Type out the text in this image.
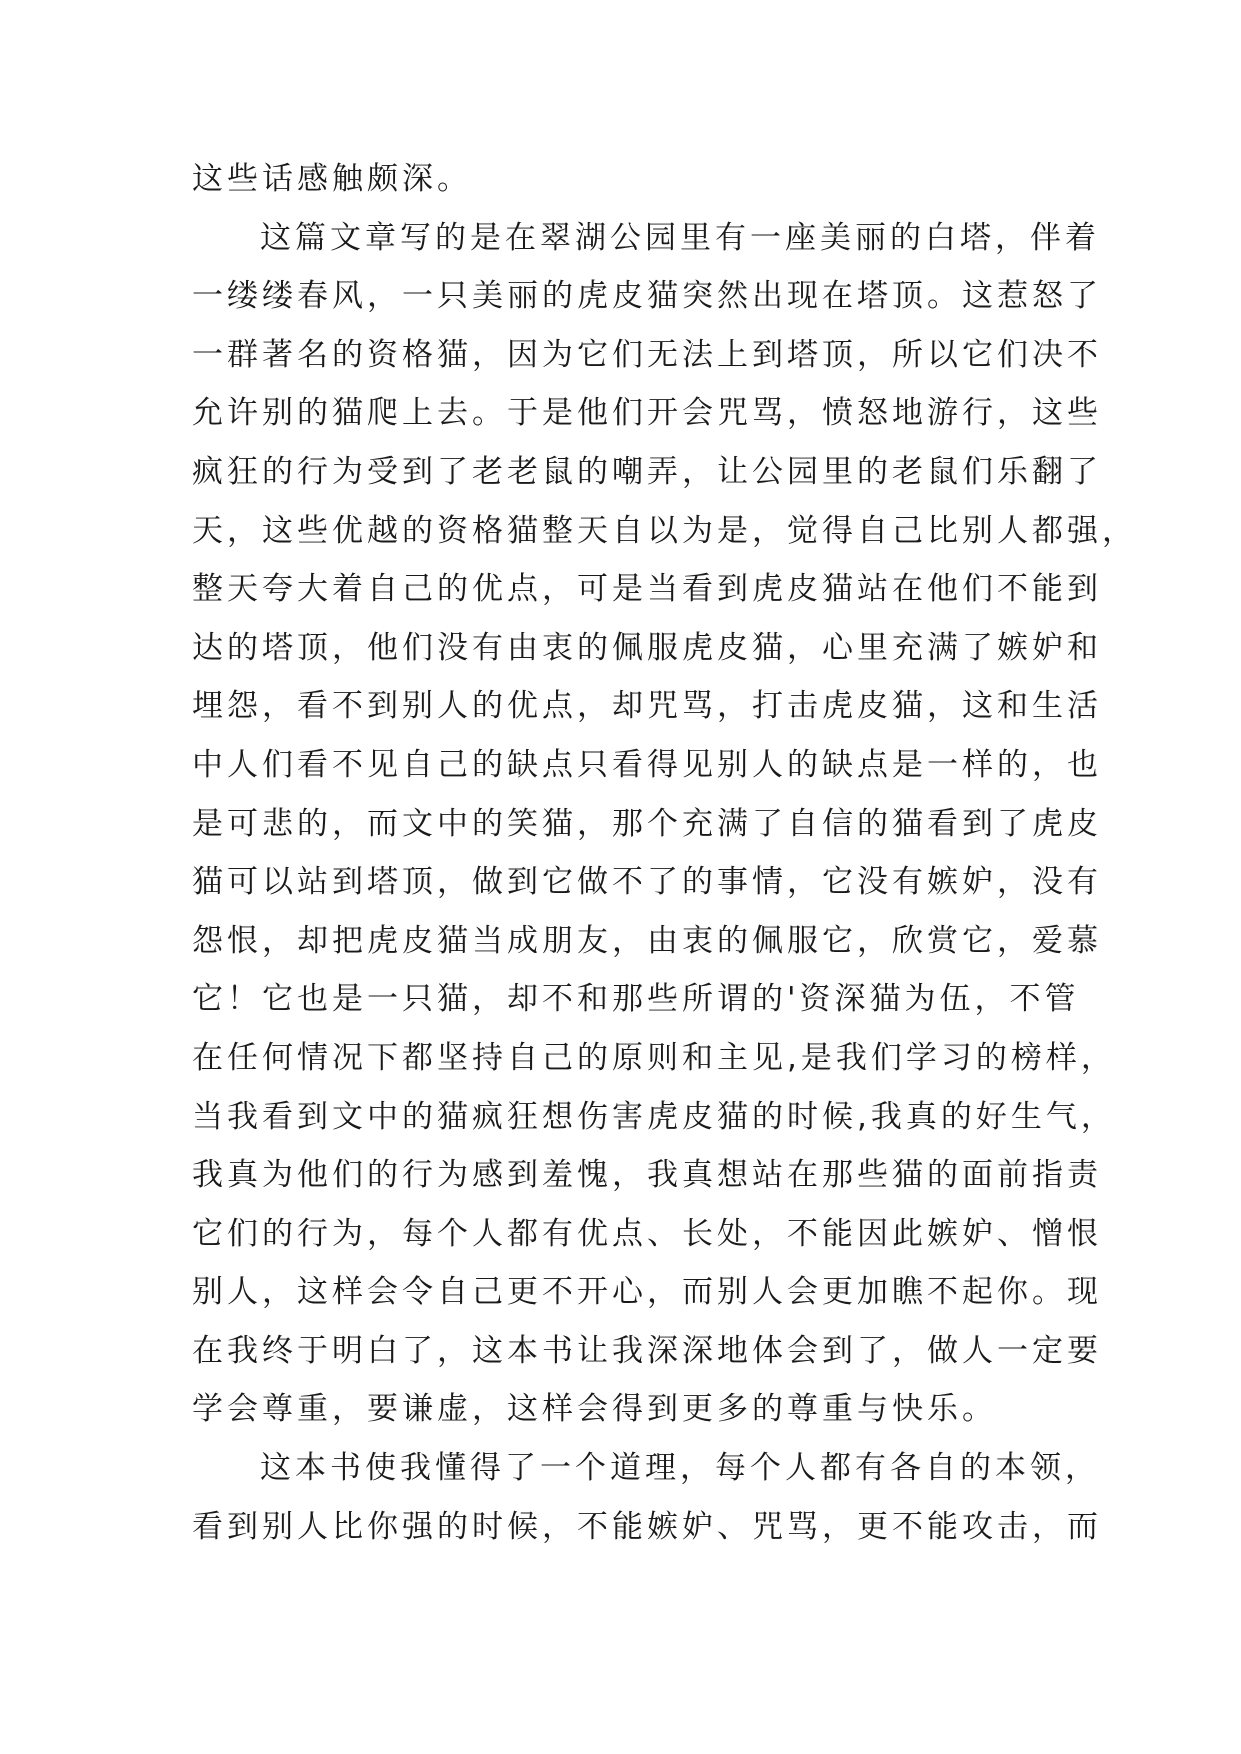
这些话感触颇深。
这篇文章写的是在翠湖公园里有一座美丽的白塔，伴着
一缕缕春风，一只美丽的虎皮猫突然出现在塔顶。这惹怒了
一群著名的资格猫，因为它们无法上到塔顶，所以它们决不
允许别的猫爬上去。于是他们开会咒骂，愤怒地游行，这些
疯狂的行为受到了老老鼠的嘲弄，让公园里的老鼠们乐翻了
天，这些优越的资格猫整天自以为是，觉得自己比别人都强，
整天夸大着自己的优点，可是当看到虎皮猫站在他们不能到
达的塔顶，他们没有由衷的佩服虎皮猫，心里充满了嫉妒和
埋怨，看不到别人的优点，却咒骂，打击虎皮猫，这和生活
中人们看不见自己的缺点只看得见别人的缺点是一样的，也
是可悲的，而文中的笑猫，那个充满了自信的猫看到了虎皮
猫可以站到塔顶，做到它做不了的事情，它没有嫉妒，没有
怨恨，却把虎皮猫当成朋友，由衷的佩服它，欣赏它，爱慕
它！它也是一只猫，却不和那些所谓的'资深猫为伍，不管
在任何情况下都坚持自己的原则和主见,是我们学习的榜样，
当我看到文中的猫疯狂想伤害虎皮猫的时候,我真的好生气，
我真为他们的行为感到羞愧，我真想站在那些猫的面前指责
它们的行为，每个人都有优点、长处，不能因此嫉妒、憎恨
别人，这样会令自己更不开心，而别人会更加瞧不起你。现
在我终于明白了，这本书让我深深地体会到了，做人一定要
学会尊重，要谦虚，这样会得到更多的尊重与快乐。
这本书使我懂得了一个道理，每个人都有各自的本领，
看到别人比你强的时候，不能嫉妒、咒骂，更不能攻击，而
